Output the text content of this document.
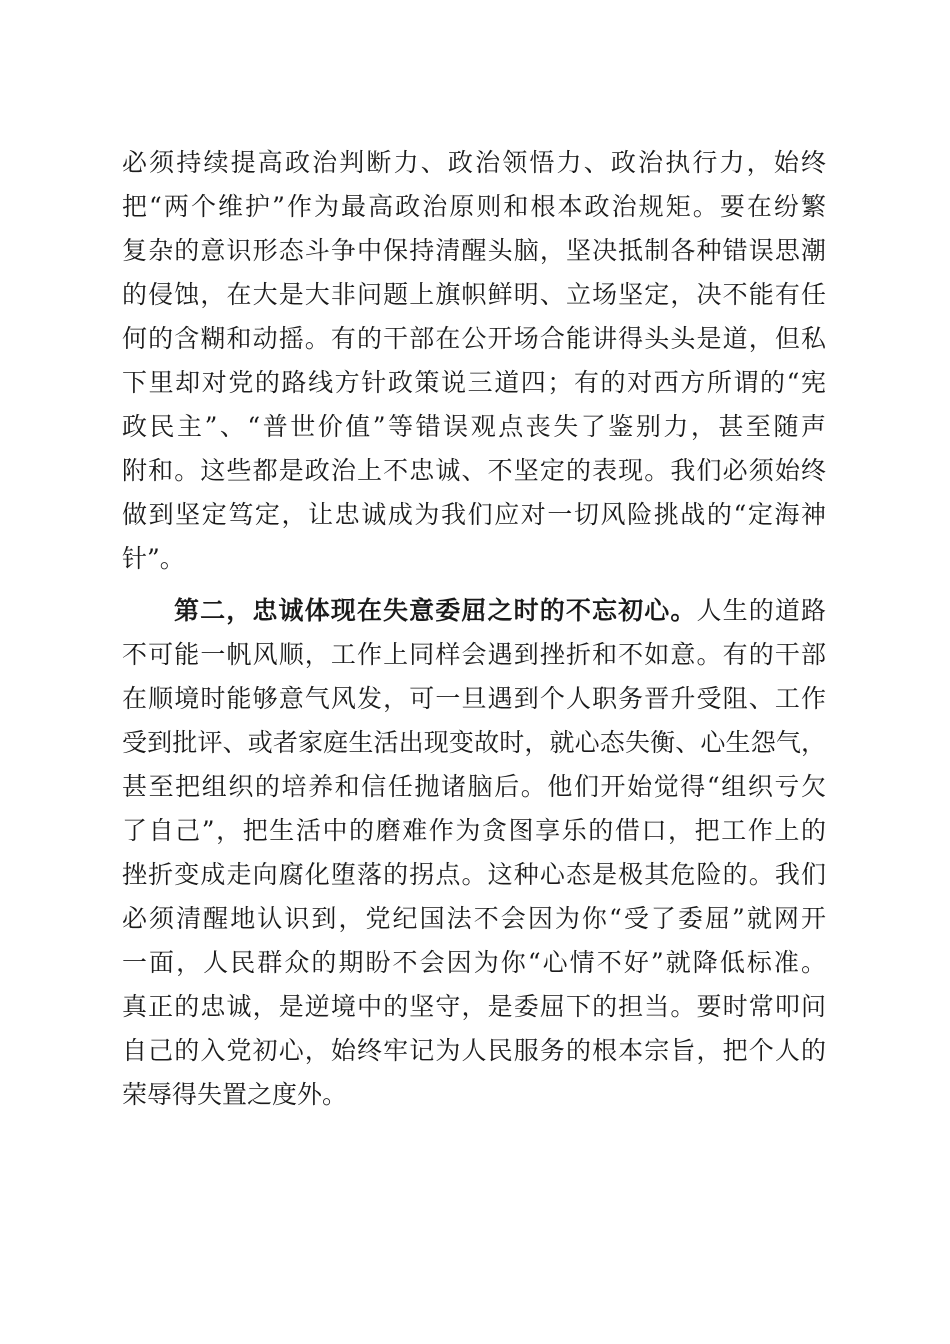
必须持续提高政治判断力、政治领悟力、政治执行力，始终
把“两个维护”作为最高政治原则和根本政治规矩。要在纷繁
复杂的意识形态斗争中保持清醒头脑，坚决抵制各种错误思潮
的侵蚀，在大是大非问题上旗帜鲜明、立场坚定，决不能有任
何的含糊和动摇。有的干部在公开场合能讲得头头是道，但私
下里却对党的路线方针政策说三道四；有的对西方所谓的“宪
政民主”、“普世价值”等错误观点丧失了鉴别力，甚至随声
附和。这些都是政治上不忠诚、不坚定的表现。我们必须始终
做到坚定笃定，让忠诚成为我们应对一切风险挑战的“定海神
针”。
第二，忠诚体现在失意委屈之时的不忘初心。人生的道路
不可能一帆风顺，工作上同样会遇到挫折和不如意。有的干部
在顺境时能够意气风发，可一旦遇到个人职务晋升受阻、工作
受到批评、或者家庭生活出现变故时，就心态失衡、心生怨气，
甚至把组织的培养和信任抛诸脑后。他们开始觉得“组织亏欠
了自己”，把生活中的磨难作为贪图享乐的借口，把工作上的
挫折变成走向腐化堕落的拐点。这种心态是极其危险的。我们
必须清醒地认识到，党纪国法不会因为你“受了委屈”就网开
一面，人民群众的期盼不会因为你“心情不好”就降低标准。
真正的忠诚，是逆境中的坚守，是委屈下的担当。要时常叩问
自己的入党初心，始终牢记为人民服务的根本宗旨，把个人的
荣辱得失置之度外。
